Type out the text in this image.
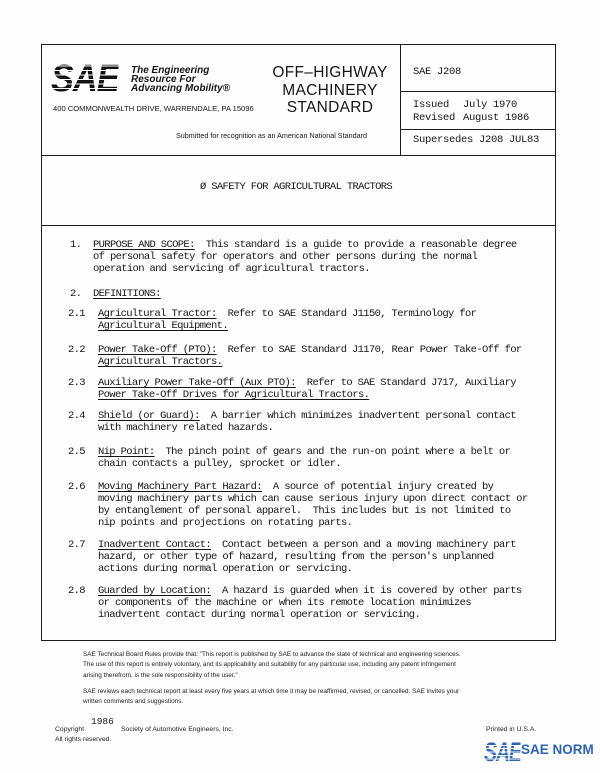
SAE The Engineering
Resource For
Advancing Mobility®
400 COMMONWEALTH DRIVE, WARRENDALE, PA 15096
OFF–HIGHWAY
MACHINERY
STANDARD
Submitted for recognition as an American National Standard
SAE J208
Issued July 1970
Revised August 1986
Supersedes J208 JUL83
Ø SAFETY FOR AGRICULTURAL TRACTORS
1. PURPOSE AND SCOPE: This standard is a guide to provide a reasonable degree
of personal safety for operators and other persons during the normal
operation and servicing of agricultural tractors.
2. DEFINITIONS:
2.1 Agricultural Tractor: Refer to SAE Standard J1150, Terminology for
Agricultural Equipment.
2.2 Power Take-Off (PTO): Refer to SAE Standard J1170, Rear Power Take-Off for
Agricultural Tractors.
2.3 Auxiliary Power Take-Off (Aux PTO): Refer to SAE Standard J717, Auxiliary
Power Take-Off Drives for Agricultural Tractors.
2.4 Shield (or Guard): A barrier which minimizes inadvertent personal contact
with machinery related hazards.
2.5 Nip Point: The pinch point of gears and the run-on point where a belt or
chain contacts a pulley, sprocket or idler.
2.6 Moving Machinery Part Hazard: A source of potential injury created by
moving machinery parts which can cause serious injury upon direct contact or
by entanglement of personal apparel.  This includes but is not limited to
nip points and projections on rotating parts.
2.7 Inadvertent Contact: Contact between a person and a moving machinery part
hazard, or other type of hazard, resulting from the person's unplanned
actions during normal operation or servicing.
2.8 Guarded by Location: A hazard is guarded when it is covered by other parts
or components of the machine or when its remote location minimizes
inadvertent contact during normal operation or servicing.
SAE Technical Board Rules provide that: "This report is published by SAE to advance the state of technical and engineering sciences.
The use of this report is entirely voluntary, and its applicability and suitability for any particular use, including any patent infringement
arising therefrom, is the sole responsibility of the user."
SAE reviews each technical report at least every five years at which time it may be reaffirmed, revised, or cancelled. SAE invites your
written comments and suggestions.
Copyright
1986
Society of Automotive Engineers, Inc.
All rights reserved.
Printed in U.S.A.
SAE SAE NORM
